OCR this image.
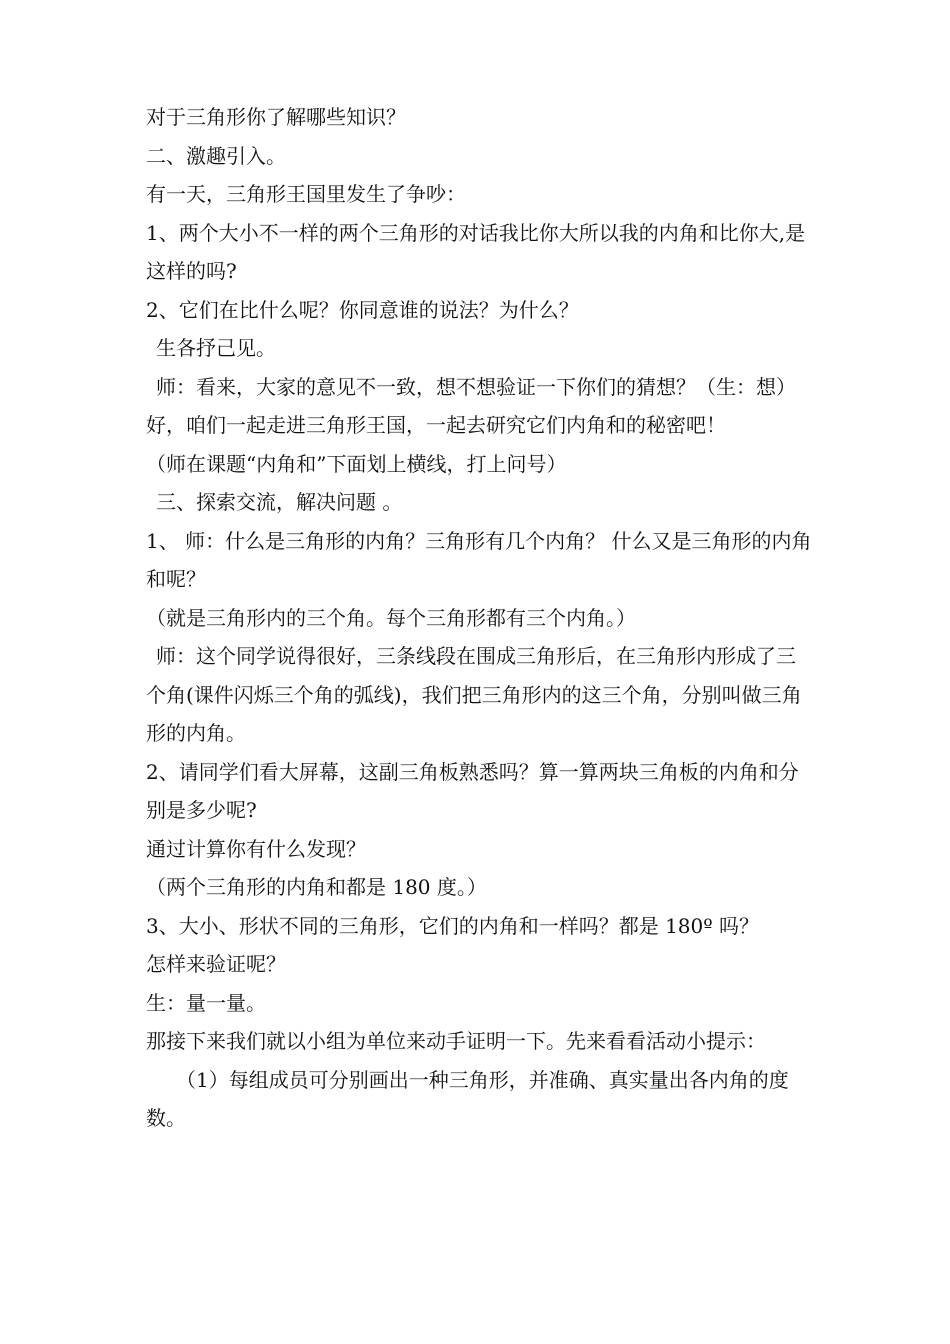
对于三角形你了解哪些知识？

二、激趣引入。

有一天，三角形王国里发生了争吵：

1、两个大小不一样的两个三角形的对话我比你大所以我的内角和比你大,是这样的吗?

2、它们在比什么呢？你同意谁的说法？为什么？

生各抒己见。

师：看来，大家的意见不一致，想不想验证一下你们的猜想？（生：想）好，咱们一起走进三角形王国，一起去研究它们内角和的秘密吧！

（师在课题“内角和”下面划上横线，打上问号）

三、探索交流，解决问题 。

1、 师：什么是三角形的内角？三角形有几个内角？ 什么又是三角形的内角和呢？

（就是三角形内的三个角。每个三角形都有三个内角。）

师：这个同学说得很好，三条线段在围成三角形后，在三角形内形成了三个角(课件闪烁三个角的弧线)，我们把三角形内的这三个角，分别叫做三角形的内角。

2、请同学们看大屏幕，这副三角板熟悉吗？算一算两块三角板的内角和分别是多少呢?

通过计算你有什么发现？

（两个三角形的内角和都是 180 度。）

3、大小、形状不同的三角形，它们的内角和一样吗？都是 180º 吗？

怎样来验证呢？

生：量一量。

那接下来我们就以小组为单位来动手证明一下。先来看看活动小提示：

（1）每组成员可分别画出一种三角形，并准确、真实量出各内角的度数。
